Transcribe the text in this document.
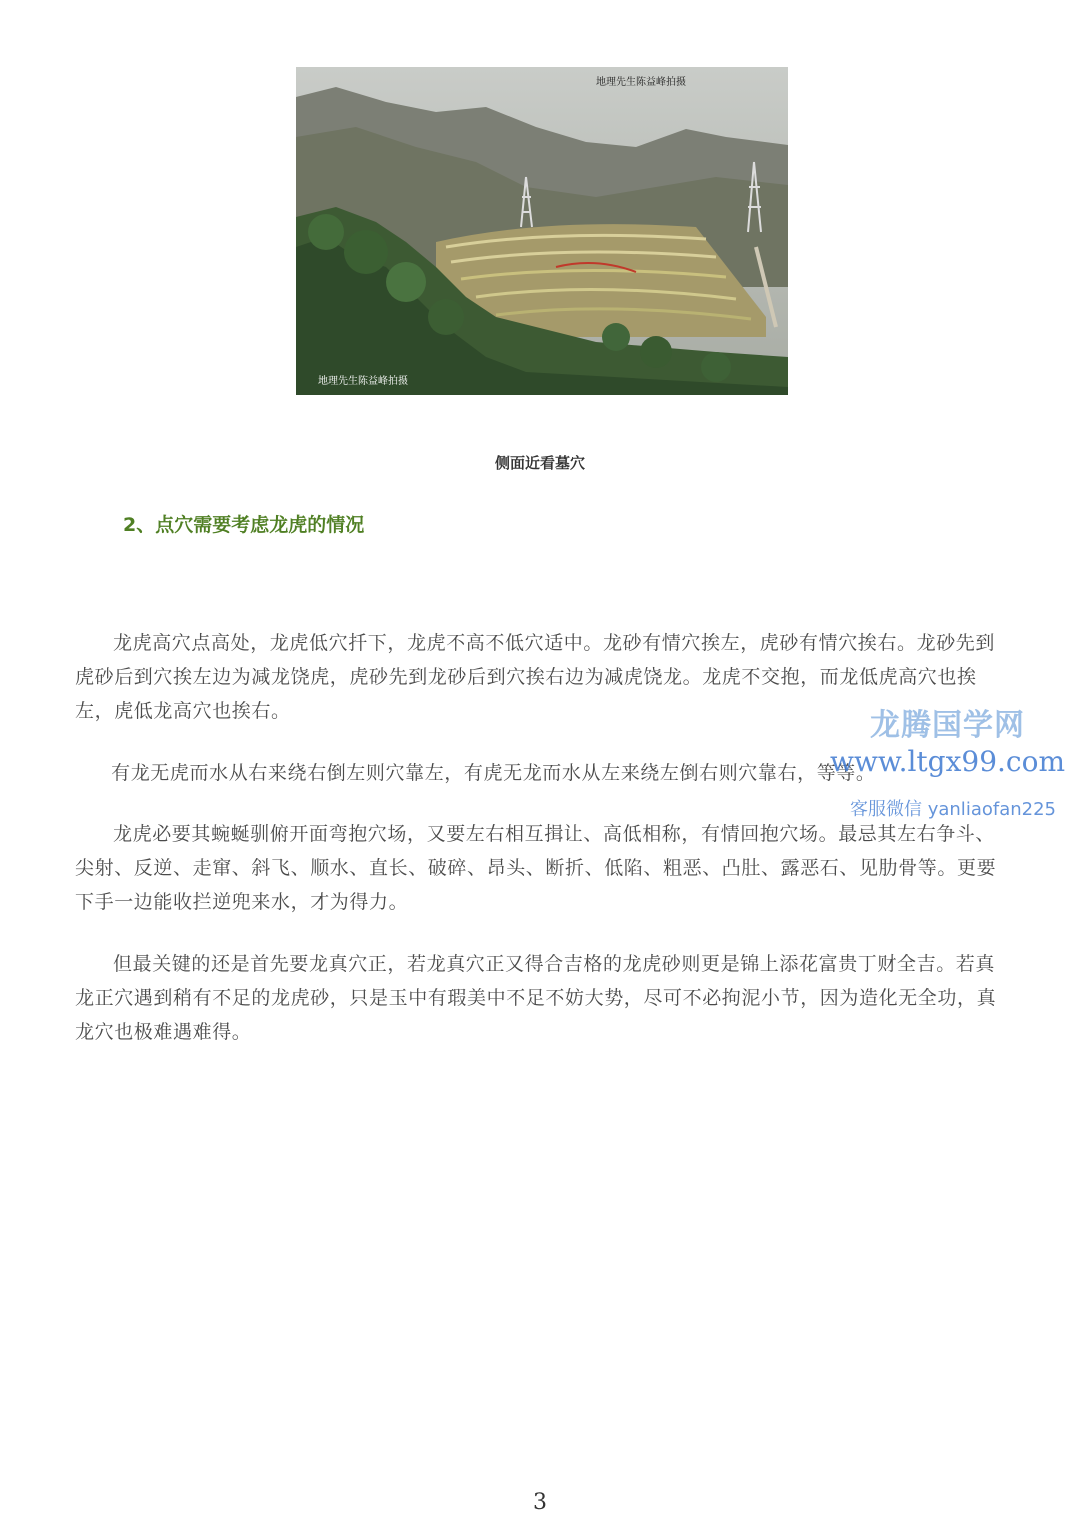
地理先生陈益峰拍摄
地理先生陈益峰拍摄
侧面近看墓穴
2、点穴需要考虑龙虎的情况

龙虎高穴点高处，龙虎低穴扦下，龙虎不高不低穴适中。龙砂有情穴挨左，虎砂有情穴挨右。龙砂先到虎砂后到穴挨左边为减龙饶虎，虎砂先到龙砂后到穴挨右边为减虎饶龙。龙虎不交抱，而龙低虎高穴也挨左，虎低龙高穴也挨右。

有龙无虎而水从右来绕右倒左则穴靠左，有虎无龙而水从左来绕左倒右则穴靠右，等等。

龙虎必要其蜿蜒驯俯开面弯抱穴场，又要左右相互揖让、高低相称，有情回抱穴场。最忌其左右争斗、尖射、反逆、走窜、斜飞、顺水、直长、破碎、昂头、断折、低陷、粗恶、凸肚、露恶石、见肋骨等。更要下手一边能收拦逆兜来水，才为得力。

但最关键的还是首先要龙真穴正，若龙真穴正又得合吉格的龙虎砂则更是锦上添花富贵丁财全吉。若真龙正穴遇到稍有不足的龙虎砂，只是玉中有瑕美中不足不妨大势，尽可不必拘泥小节，因为造化无全功，真龙穴也极难遇难得。

龙腾国学网
www.ltgx99.com
客服微信 yanliaofan225
3
